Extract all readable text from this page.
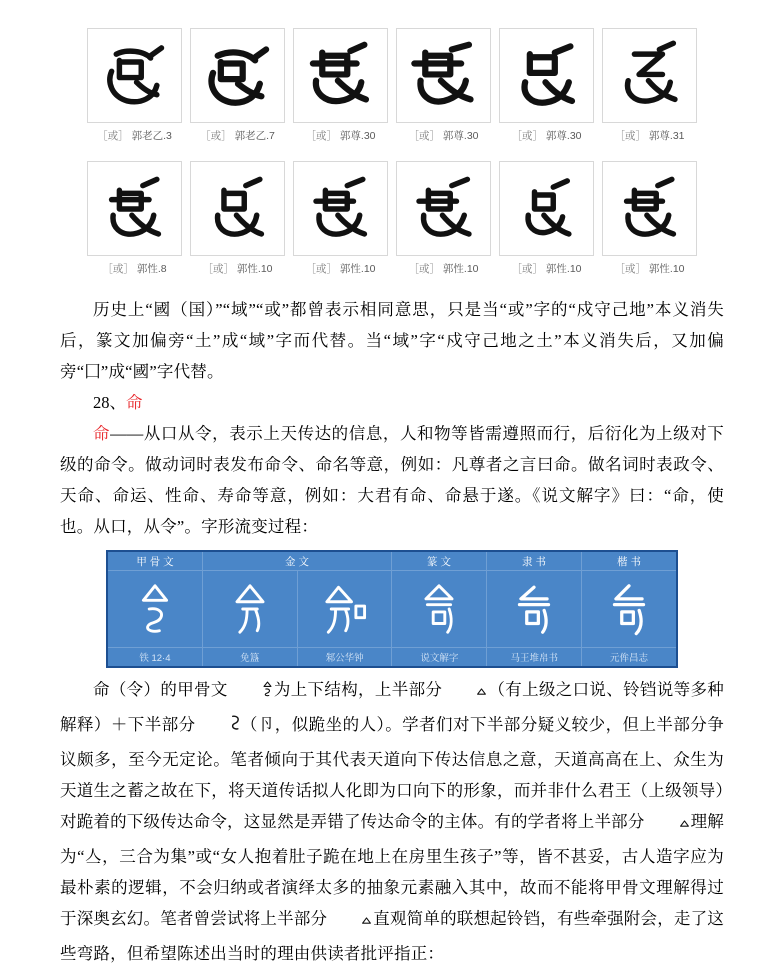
［或］ 郭老乙.3	［或］ 郭老乙.7	［或］ 郭尊.30	［或］ 郭尊.30	［或］ 郭尊.30	［或］ 郭尊.31
［或］ 郭性.8	［或］ 郭性.10	［或］ 郭性.10	［或］ 郭性.10	［或］ 郭性.10	［或］ 郭性.10

历史上“國（国）”“域”“或”都曾表示相同意思，只是当“或”字的“戍守己地”本义消失后，篆文加偏旁“土”成“域”字而代替。当“域”字“戍守己地之土”本义消失后，又加偏旁“囗”成“國”字代替。

28、命

命——从口从令，表示上天传达的信息，人和物等皆需遵照而行，后衍化为上级对下级的命令。做动词时表发布命令、命名等意，例如：凡尊者之言曰命。做名词时表政令、天命、命运、性命、寿命等意，例如：大君有命、命悬于遂。《说文解字》曰：“命，使也。从口，从令”。字形流变过程：

甲 骨 文	金 文	篆 文	隶 书	楷 书
铁 12·4	免簋	邾公华钟	说文解字	马王堆帛书	元侔昌志

命（令）的甲骨文	为上下结构，上半部分	（有上级之口说、铃铛说等多种解释）＋下半部分	（卪，似跪坐的人）。学者们对下半部分疑义较少，但上半部分争议颇多，至今无定论。笔者倾向于其代表天道向下传达信息之意，天道高高在上、众生为天道生之蓄之故在下，将天道传话拟人化即为口向下的形象，而并非什么君王（上级领导）对跪着的下级传达命令，这显然是弄错了传达命令的主体。有的学者将上半部分	理解为“亼，三合为集”或“女人抱着肚子跪在地上在房里生孩子”等，皆不甚妥，古人造字应为最朴素的逻辑，不会归纳或者演绎太多的抽象元素融入其中，故而不能将甲骨文理解得过于深奥玄幻。笔者曾尝试将上半部分	直观简单的联想起铃铛，有些牵强附会，走了这些弯路，但希望陈述出当时的理由供读者批评指正：
